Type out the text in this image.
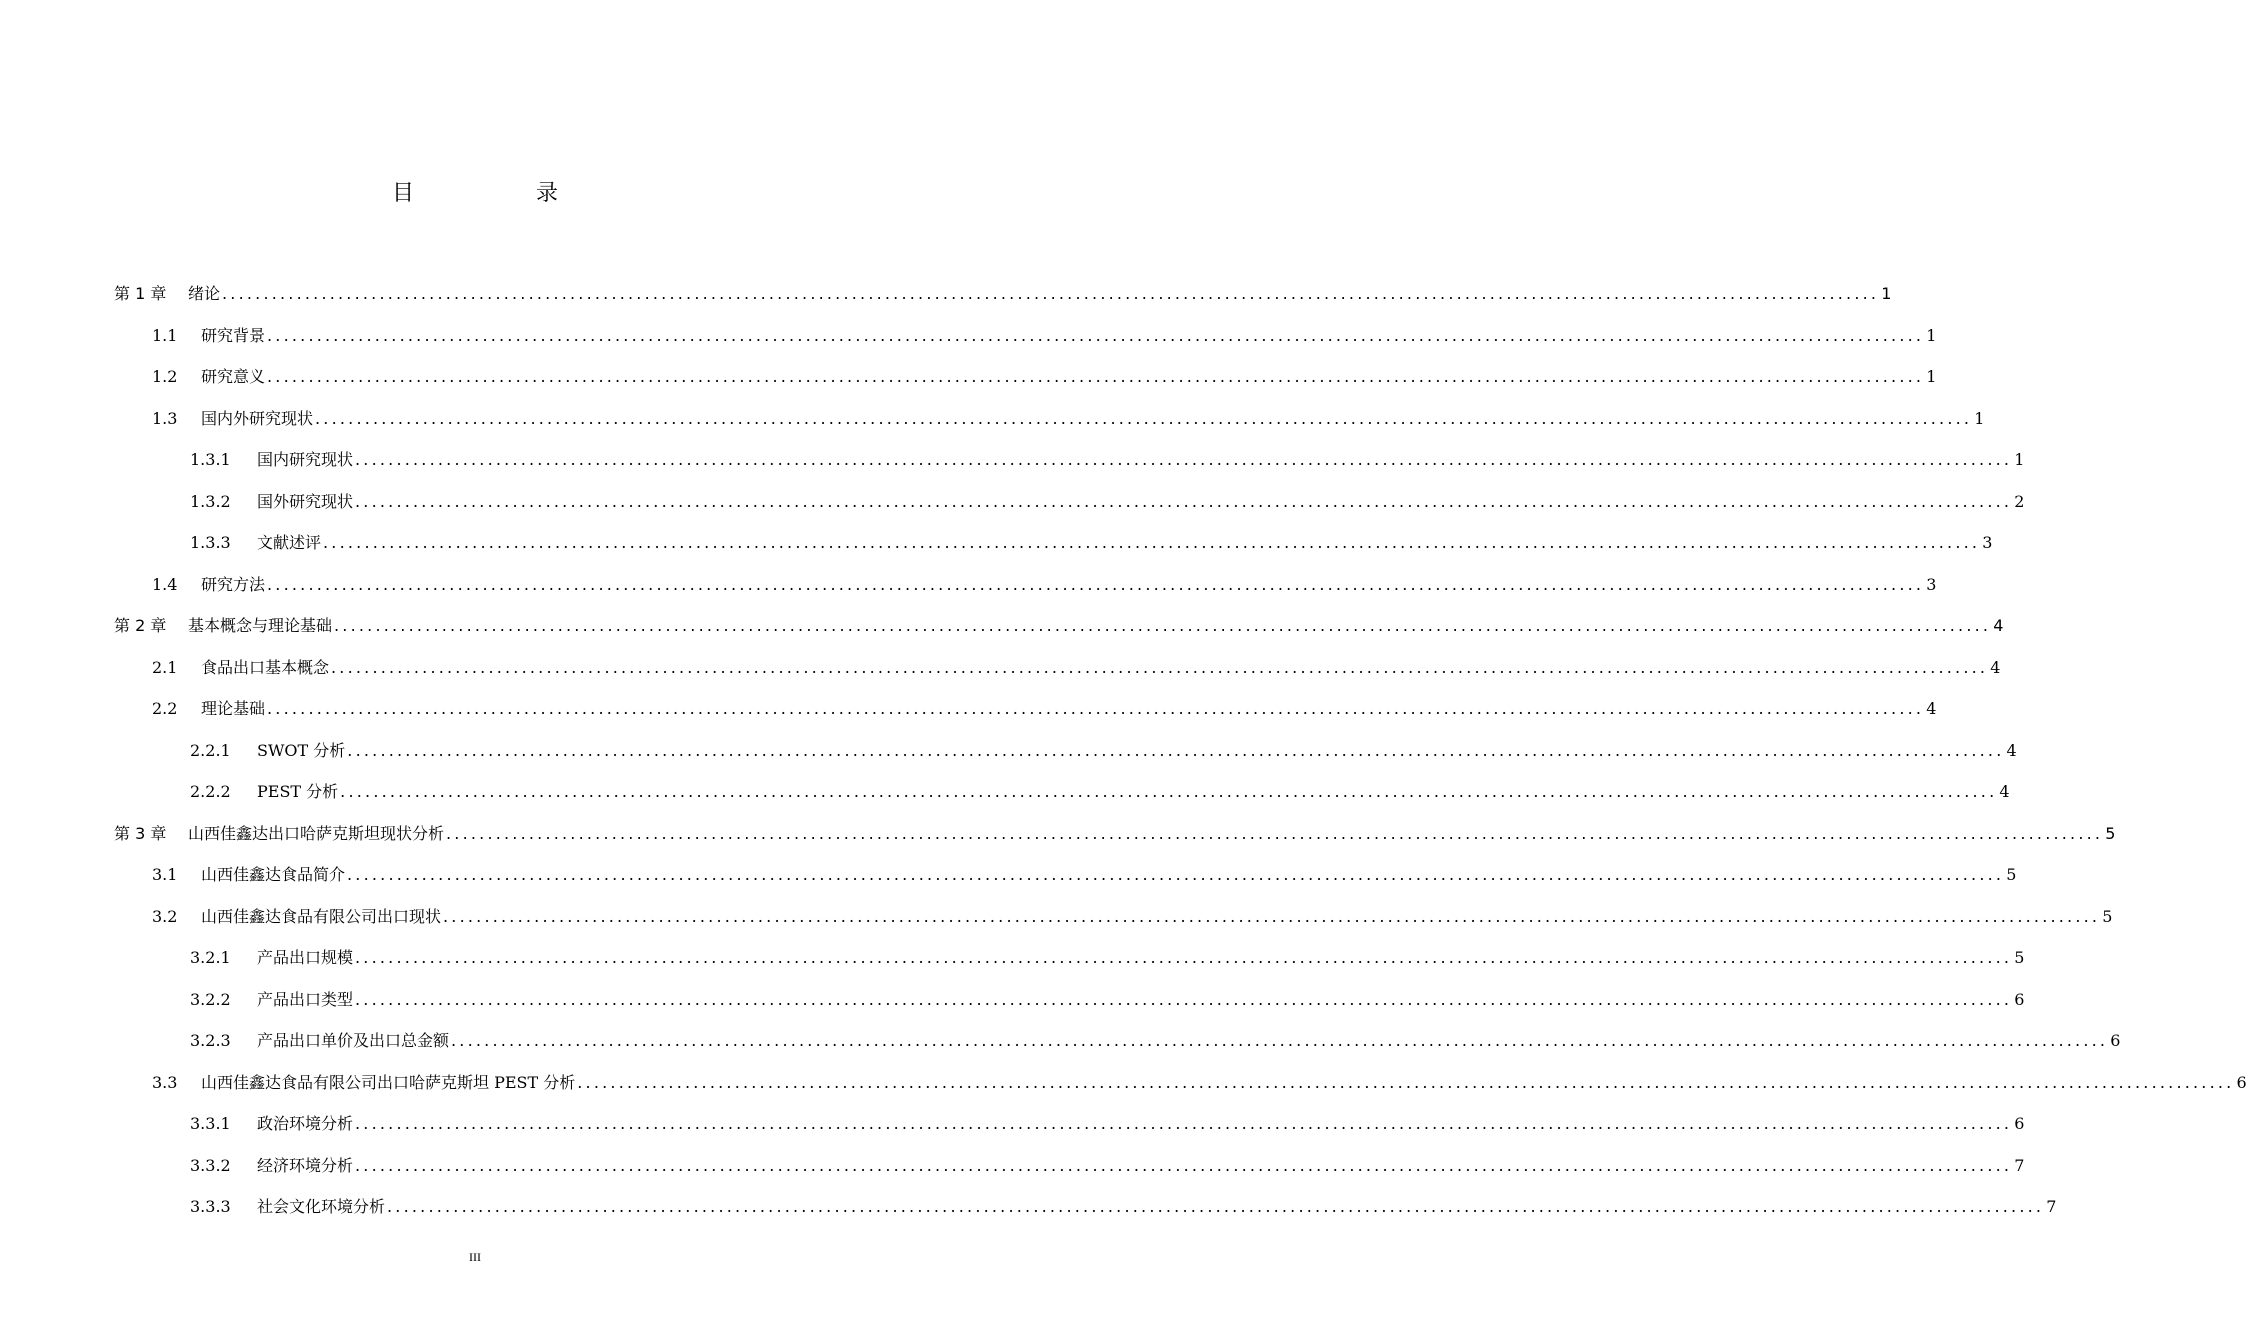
目　录
第 1 章	绪论 ........................................................................................................................................................................................................ 1
1.1	研究背景 ........................................................................................................................................................................................................ 1
1.2	研究意义 ........................................................................................................................................................................................................ 1
1.3	国内外研究现状 ........................................................................................................................................................................................................ 1
1.3.1	国内研究现状 ........................................................................................................................................................................................................ 1
1.3.2	国外研究现状 ........................................................................................................................................................................................................ 2
1.3.3	文献述评 ........................................................................................................................................................................................................ 3
1.4	研究方法 ........................................................................................................................................................................................................ 3
第 2 章	基本概念与理论基础 ........................................................................................................................................................................................................ 4
2.1	食品出口基本概念 ........................................................................................................................................................................................................ 4
2.2	理论基础 ........................................................................................................................................................................................................ 4
2.2.1	SWOT 分析 ........................................................................................................................................................................................................ 4
2.2.2	PEST 分析 ........................................................................................................................................................................................................ 4
第 3 章	山西佳鑫达出口哈萨克斯坦现状分析 ........................................................................................................................................................................................................ 5
3.1	山西佳鑫达食品简介 ........................................................................................................................................................................................................ 5
3.2	山西佳鑫达食品有限公司出口现状 ........................................................................................................................................................................................................ 5
3.2.1	产品出口规模 ........................................................................................................................................................................................................ 5
3.2.2	产品出口类型 ........................................................................................................................................................................................................ 6
3.2.3	产品出口单价及出口总金额 ........................................................................................................................................................................................................ 6
3.3	山西佳鑫达食品有限公司出口哈萨克斯坦 PEST 分析 ........................................................................................................................................................................................................ 6
3.3.1	政治环境分析 ........................................................................................................................................................................................................ 6
3.3.2	经济环境分析 ........................................................................................................................................................................................................ 7
3.3.3	社会文化环境分析 ........................................................................................................................................................................................................ 7
III
